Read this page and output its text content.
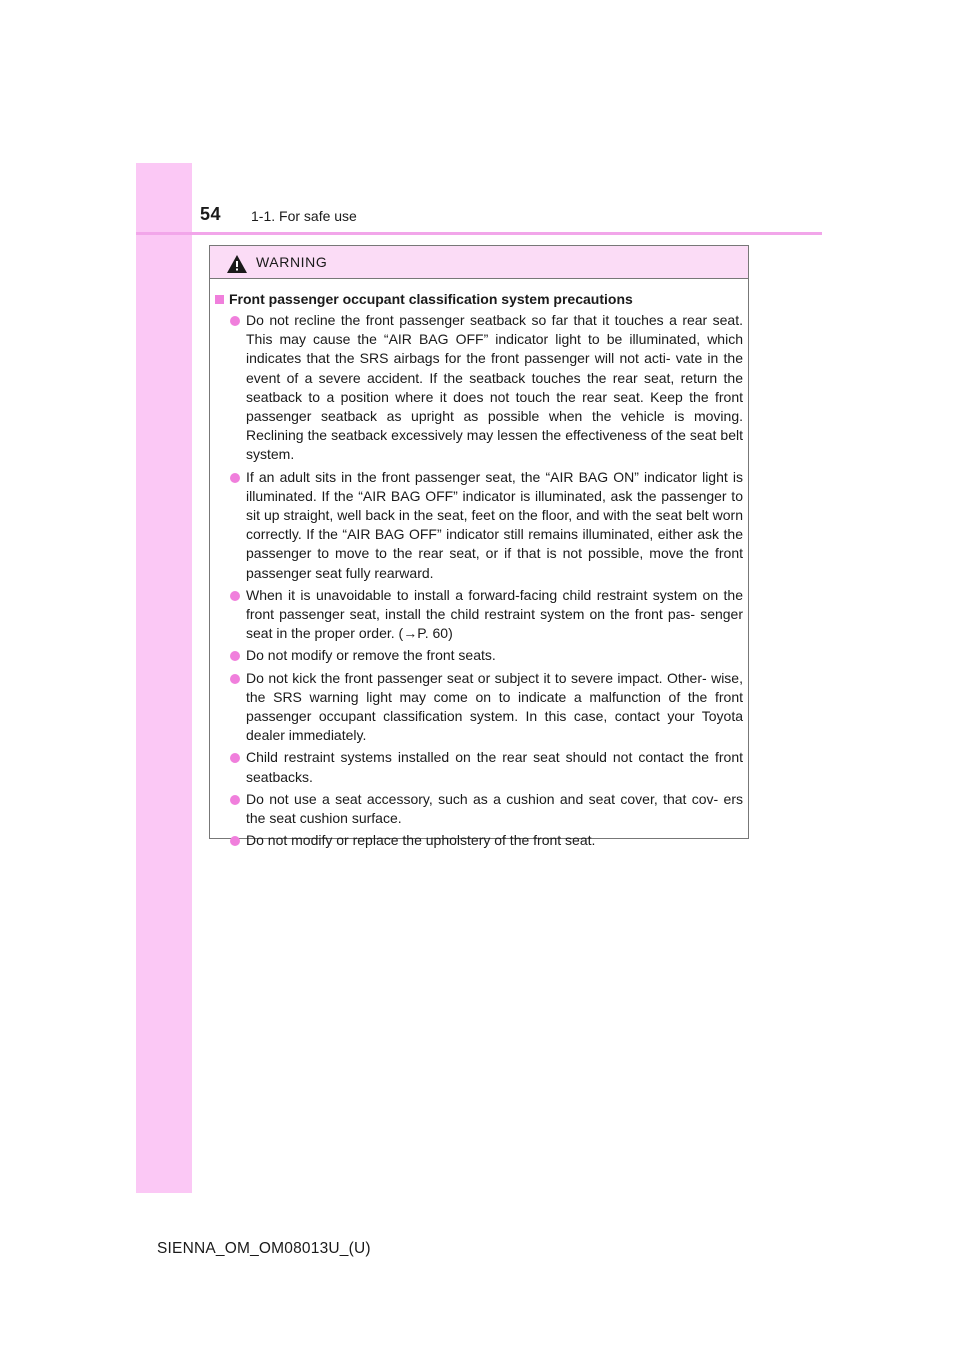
54 1-1. For safe use
WARNING
Front passenger occupant classification system precautions
Do not recline the front passenger seatback so far that it touches a rear seat. This may cause the “AIR BAG OFF” indicator light to be illuminated, which indicates that the SRS airbags for the front passenger will not acti- vate in the event of a severe accident. If the seatback touches the rear seat, return the seatback to a position where it does not touch the rear seat. Keep the front passenger seatback as upright as possible when the vehicle is moving. Reclining the seatback excessively may lessen the effectiveness of the seat belt system.
If an adult sits in the front passenger seat, the “AIR BAG ON” indicator light is illuminated. If the “AIR BAG OFF” indicator is illuminated, ask the passenger to sit up straight, well back in the seat, feet on the floor, and with the seat belt worn correctly. If the “AIR BAG OFF” indicator still remains illuminated, either ask the passenger to move to the rear seat, or if that is not possible, move the front passenger seat fully rearward.
When it is unavoidable to install a forward-facing child restraint system on the front passenger seat, install the child restraint system on the front pas- senger seat in the proper order. (→P. 60)
Do not modify or remove the front seats.
Do not kick the front passenger seat or subject it to severe impact. Other- wise, the SRS warning light may come on to indicate a malfunction of the front passenger occupant classification system. In this case, contact your Toyota dealer immediately.
Child restraint systems installed on the rear seat should not contact the front seatbacks.
Do not use a seat accessory, such as a cushion and seat cover, that cov- ers the seat cushion surface.
Do not modify or replace the upholstery of the front seat.
SIENNA_OM_OM08013U_(U)
